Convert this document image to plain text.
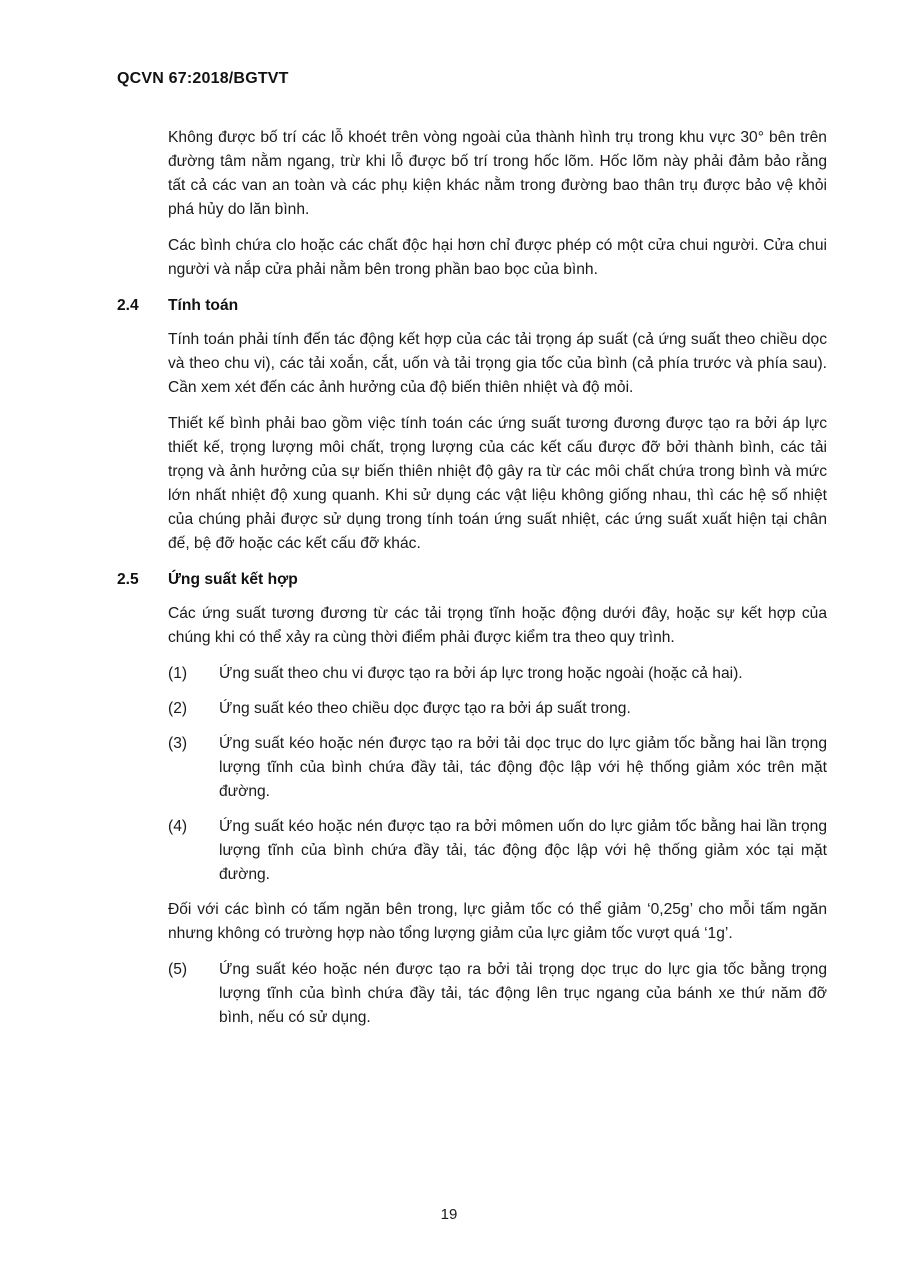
QCVN 67:2018/BGTVT

Không được bố trí các lỗ khoét trên vòng ngoài của thành hình trụ trong khu vực 30° bên trên đường tâm nằm ngang, trừ khi lỗ được bố trí trong hốc lõm. Hốc lõm này phải đảm bảo rằng tất cả các van an toàn và các phụ kiện khác nằm trong đường bao thân trụ được bảo vệ khỏi phá hủy do lăn bình.

Các bình chứa clo hoặc các chất độc hại hơn chỉ được phép có một cửa chui người. Cửa chui người và nắp cửa phải nằm bên trong phần bao bọc của bình.

2.4	Tính toán

Tính toán phải tính đến tác động kết hợp của các tải trọng áp suất (cả ứng suất theo chiều dọc và theo chu vi), các tải xoắn, cắt, uốn và tải trọng gia tốc của bình (cả phía trước và phía sau). Cần xem xét đến các ảnh hưởng của độ biến thiên nhiệt và độ mỏi.

Thiết kế bình phải bao gồm việc tính toán các ứng suất tương đương được tạo ra bởi áp lực thiết kế, trọng lượng môi chất, trọng lượng của các kết cấu được đỡ bởi thành bình, các tải trọng và ảnh hưởng của sự biến thiên nhiệt độ gây ra từ các môi chất chứa trong bình và mức lớn nhất nhiệt độ xung quanh. Khi sử dụng các vật liệu không giống nhau, thì các hệ số nhiệt của chúng phải được sử dụng trong tính toán ứng suất nhiệt, các ứng suất xuất hiện tại chân đế, bệ đỡ hoặc các kết cấu đỡ khác.

2.5	Ứng suất kết hợp

Các ứng suất tương đương từ các tải trọng tĩnh hoặc động dưới đây, hoặc sự kết hợp của chúng khi có thể xảy ra cùng thời điểm phải được kiểm tra theo quy trình.

(1)	Ứng suất theo chu vi được tạo ra bởi áp lực trong hoặc ngoài (hoặc cả hai).
(2)	Ứng suất kéo theo chiều dọc được tạo ra bởi áp suất trong.
(3)	Ứng suất kéo hoặc nén được tạo ra bởi tải dọc trục do lực giảm tốc bằng hai lần trọng lượng tĩnh của bình chứa đầy tải, tác động độc lập với hệ thống giảm xóc trên mặt đường.
(4)	Ứng suất kéo hoặc nén được tạo ra bởi mômen uốn do lực giảm tốc bằng hai lần trọng lượng tĩnh của bình chứa đầy tải, tác động độc lập với hệ thống giảm xóc tại mặt đường.

Đối với các bình có tấm ngăn bên trong, lực giảm tốc có thể giảm ‘0,25g’ cho mỗi tấm ngăn nhưng không có trường hợp nào tổng lượng giảm của lực giảm tốc vượt quá ‘1g’.

(5)	Ứng suất kéo hoặc nén được tạo ra bởi tải trọng dọc trục do lực gia tốc bằng trọng lượng tĩnh của bình chứa đầy tải, tác động lên trục ngang của bánh xe thứ năm đỡ bình, nếu có sử dụng.
19
